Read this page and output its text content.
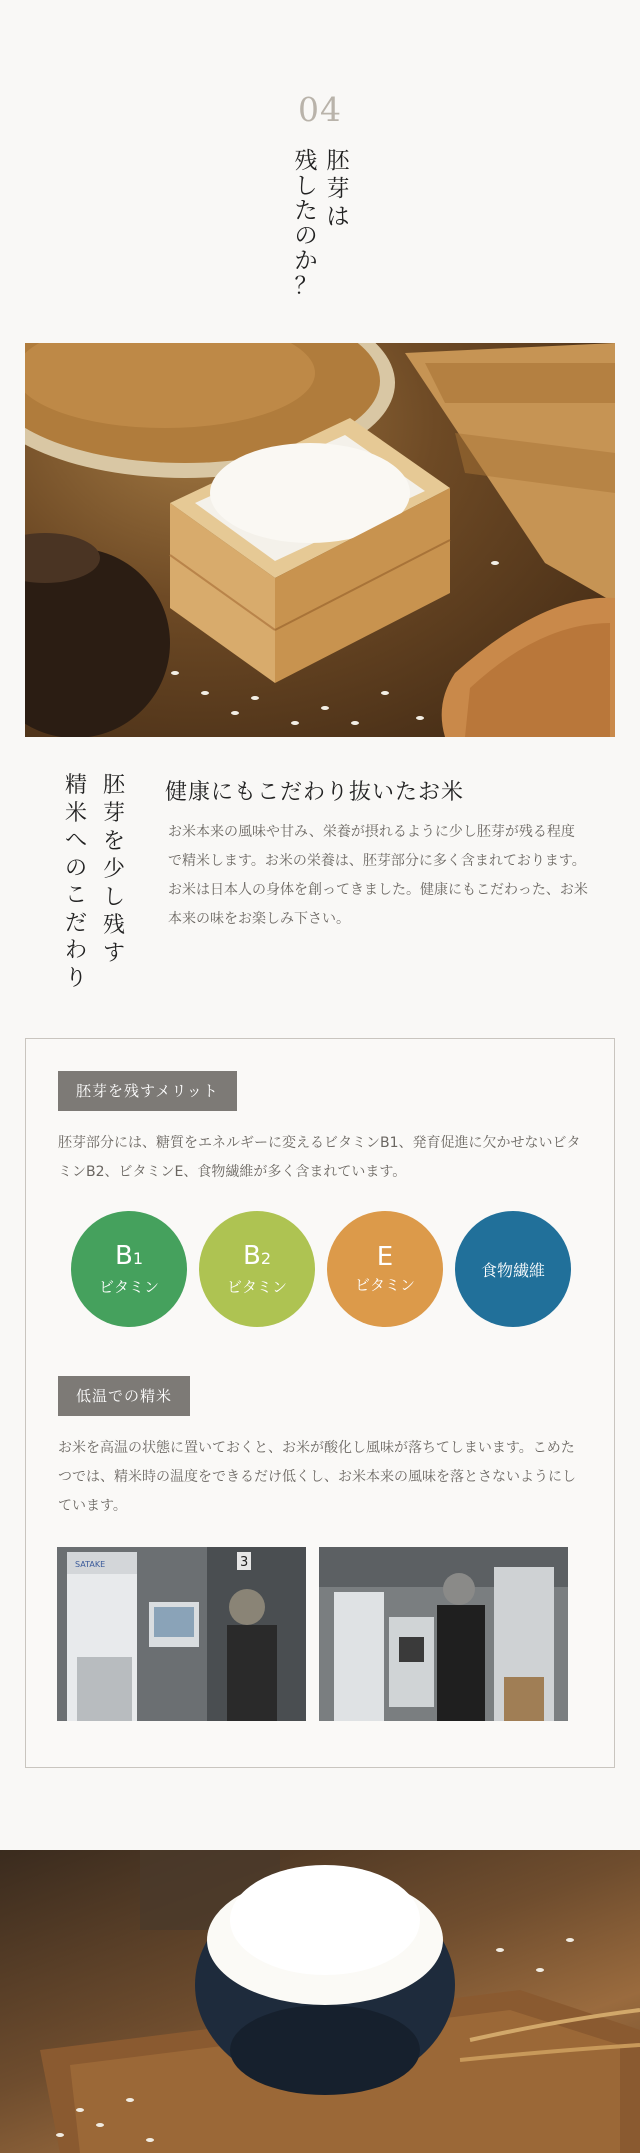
04
胚
芽
は
残
し
た
の
か
？
胚
芽
を
少
し
残
す
精
米
へ
の
こ
だ
わ
り
健康にもこだわり抜いたお米
お米本来の風味や甘み、栄養が摂れるように少し胚芽が残る程度で精米します。お米の栄養は、胚芽部分に多く含まれております。お米は日本人の身体を創ってきました。健康にもこだわった、お米本来の味をお楽しみ下さい。
胚芽を残すメリット
胚芽部分には、糖質をエネルギーに変えるビタミンB1、発育促進に欠かせないビタミンB2、ビタミンE、食物繊維が多く含まれています。
B1
ビタミン
B2
ビタミン
E
ビタミン
食物繊維
低温での精米
お米を高温の状態に置いておくと、お米が酸化し風味が落ちてしまいます。こめたつでは、精米時の温度をできるだけ低くし、お米本来の風味を落とさないようにしています。
SATAKE	3
